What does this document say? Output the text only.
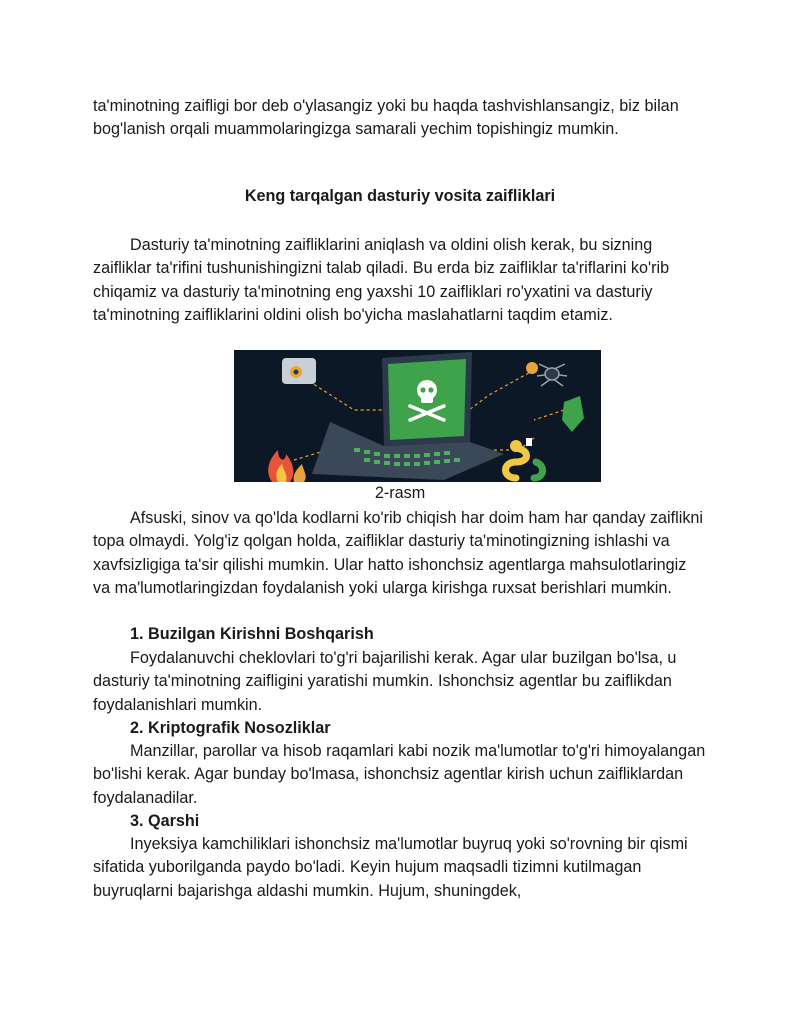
ta'minotning zaifligi bor deb o'ylasangiz yoki bu haqda tashvishlansangiz, biz bilan bog'lanish orqali muammolaringizga samarali yechim topishingiz mumkin.
Keng tarqalgan dasturiy vosita zaifliklari
Dasturiy ta'minotning zaifliklarini aniqlash va oldini olish kerak, bu sizning zaifliklar ta'rifini tushunishingizni talab qiladi. Bu erda biz zaifliklar ta'riflarini ko'rib chiqamiz va dasturiy ta'minotning eng yaxshi 10 zaifliklari ro'yxatini va dasturiy ta'minotning zaifliklarini oldini olish bo'yicha maslahatlarni taqdim etamiz.
2-rasm
Afsuski, sinov va qo'lda kodlarni ko'rib chiqish har doim ham har qanday zaiflikni topa olmaydi. Yolg'iz qolgan holda, zaifliklar dasturiy ta'minotingizning ishlashi va xavfsizligiga ta'sir qilishi mumkin. Ular hatto ishonchsiz agentlarga mahsulotlaringiz va ma'lumotlaringizdan foydalanish yoki ularga kirishga ruxsat berishlari mumkin.
1. Buzilgan Kirishni Boshqarish
Foydalanuvchi cheklovlari to'g'ri bajarilishi kerak. Agar ular buzilgan bo'lsa, u dasturiy ta'minotning zaifligini yaratishi mumkin. Ishonchsiz agentlar bu zaiflikdan foydalanishlari mumkin.
2. Kriptografik Nosozliklar
Manzillar, parollar va hisob raqamlari kabi nozik ma'lumotlar to'g'ri himoyalangan bo'lishi kerak. Agar bunday bo'lmasa, ishonchsiz agentlar kirish uchun zaifliklardan foydalanadilar.
3. Qarshi
Inyeksiya kamchiliklari ishonchsiz ma'lumotlar buyruq yoki so'rovning bir qismi sifatida yuborilganda paydo bo'ladi. Keyin hujum maqsadli tizimni kutilmagan buyruqlarni bajarishga aldashi mumkin. Hujum, shuningdek,
